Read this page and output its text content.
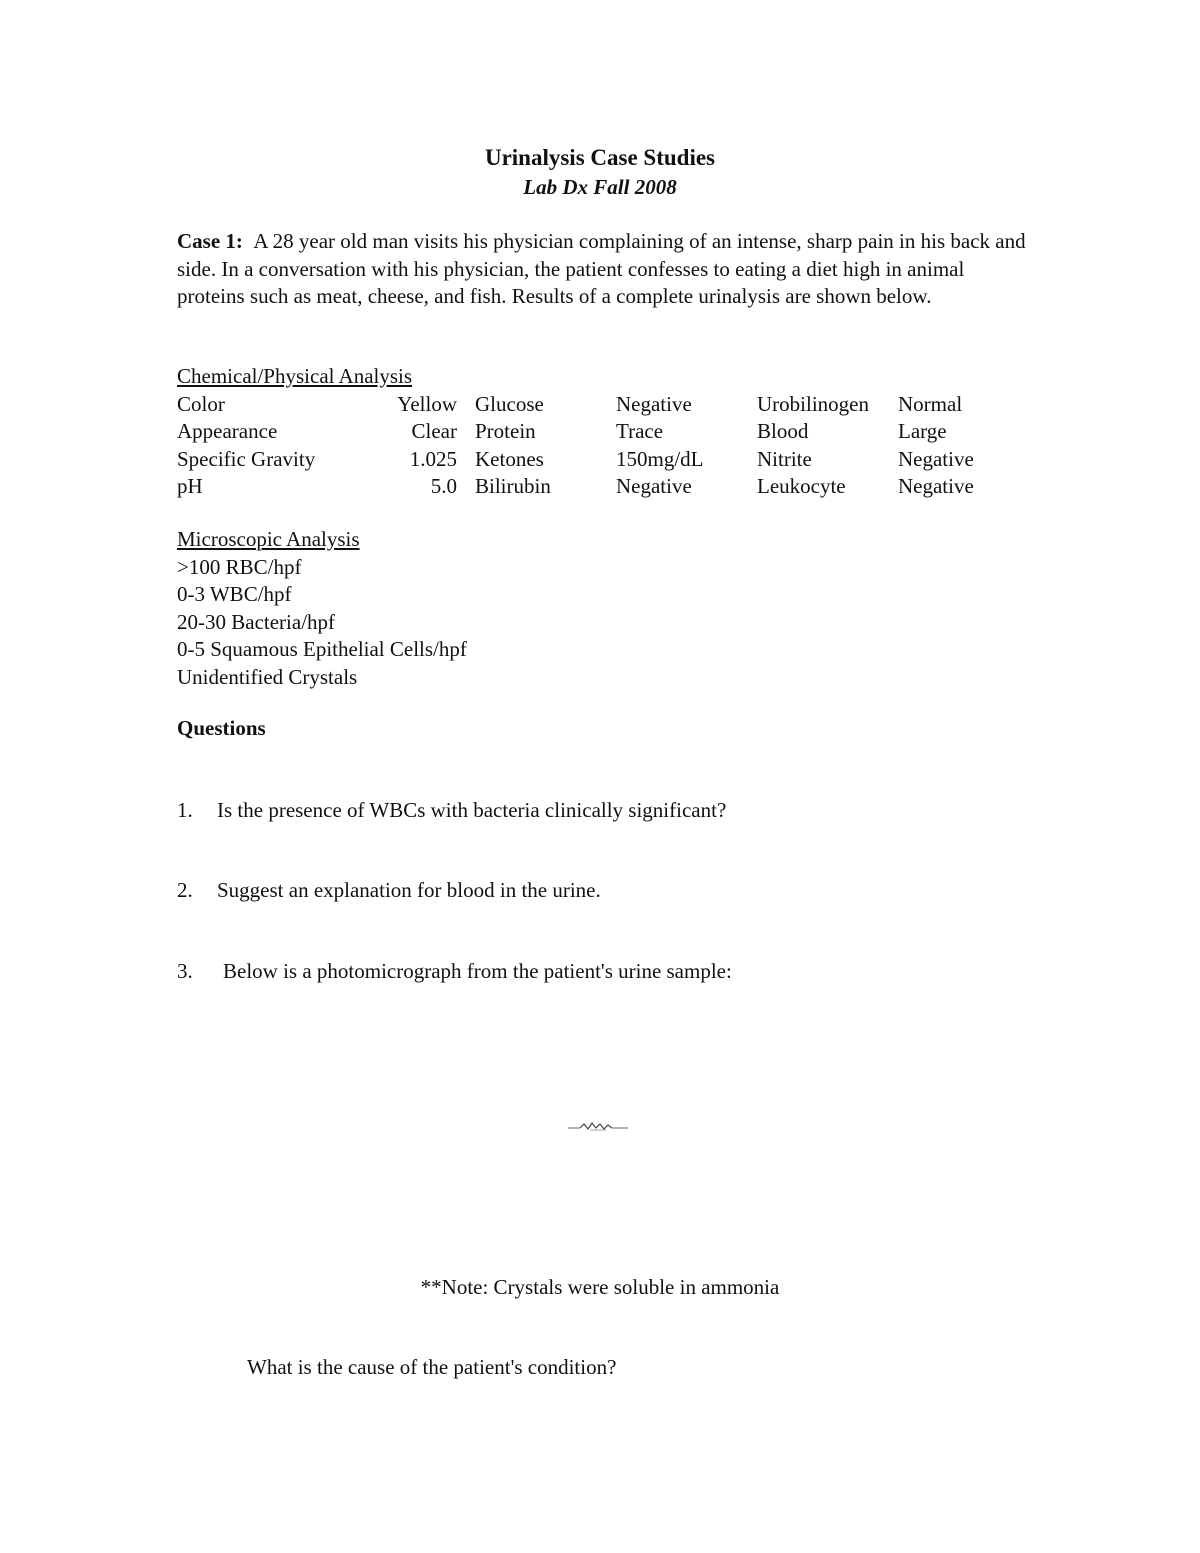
Urinalysis Case Studies
Lab Dx Fall 2008
Case 1: A 28 year old man visits his physician complaining of an intense, sharp pain in his back and side. In a conversation with his physician, the patient confesses to eating a diet high in animal proteins such as meat, cheese, and fish. Results of a complete urinalysis are shown below.
Chemical/Physical Analysis
Color	Yellow	Glucose	Negative	Urobilinogen	Normal
Appearance	Clear	Protein	Trace	Blood	Large
Specific Gravity	1.025	Ketones	150mg/dL	Nitrite	Negative
pH	5.0	Bilirubin	Negative	Leukocyte	Negative
Microscopic Analysis
>100 RBC/hpf
0-3 WBC/hpf
20-30 Bacteria/hpf
0-5 Squamous Epithelial Cells/hpf
Unidentified Crystals
Questions
1. Is the presence of WBCs with bacteria clinically significant?
2. Suggest an explanation for blood in the urine.
3. Below is a photomicrograph from the patient's urine sample:
**Note: Crystals were soluble in ammonia
What is the cause of the patient's condition?
